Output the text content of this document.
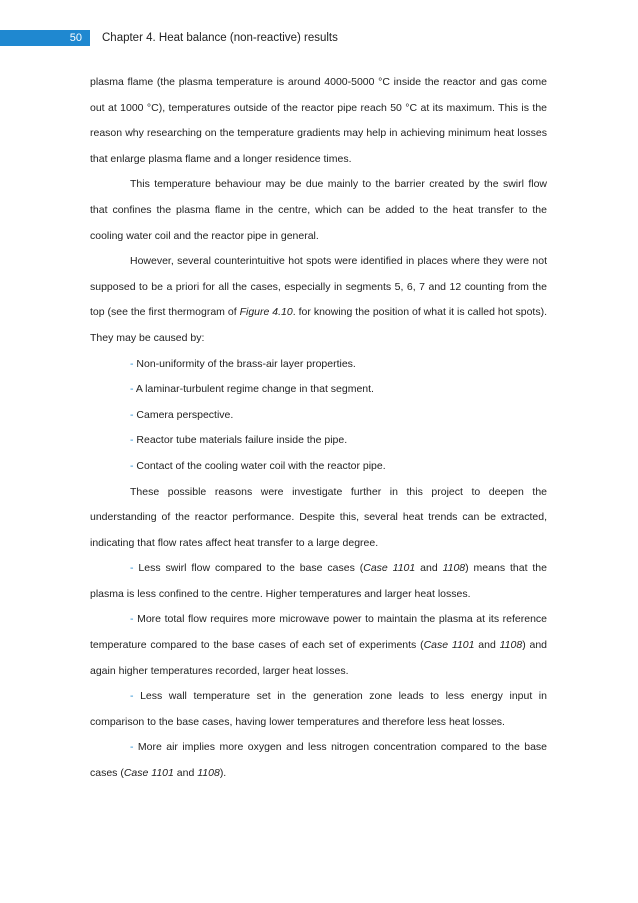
50	Chapter 4. Heat balance (non-reactive) results

plasma flame (the plasma temperature is around 4000-5000 °C inside the reactor and gas come out at 1000 °C), temperatures outside of the reactor pipe reach 50 °C at its maximum. This is the reason why researching on the temperature gradients may help in achieving minimum heat losses that enlarge plasma flame and a longer residence times.

This temperature behaviour may be due mainly to the barrier created by the swirl flow that confines the plasma flame in the centre, which can be added to the heat transfer to the cooling water coil and the reactor pipe in general.

However, several counterintuitive hot spots were identified in places where they were not supposed to be a priori for all the cases, especially in segments 5, 6, 7 and 12 counting from the top (see the first thermogram of Figure 4.10. for knowing the position of what it is called hot spots). They may be caused by:

- Non-uniformity of the brass-air layer properties.

- A laminar-turbulent regime change in that segment.

- Camera perspective.

- Reactor tube materials failure inside the pipe.

- Contact of the cooling water coil with the reactor pipe.

These possible reasons were investigate further in this project to deepen the understanding of the reactor performance. Despite this, several heat trends can be extracted, indicating that flow rates affect heat transfer to a large degree.

- Less swirl flow compared to the base cases (Case 1101 and 1108) means that the plasma is less confined to the centre. Higher temperatures and larger heat losses.

- More total flow requires more microwave power to maintain the plasma at its reference temperature compared to the base cases of each set of experiments (Case 1101 and 1108) and again higher temperatures recorded, larger heat losses.

- Less wall temperature set in the generation zone leads to less energy input in comparison to the base cases, having lower temperatures and therefore less heat losses.

- More air implies more oxygen and less nitrogen concentration compared to the base cases (Case 1101 and 1108).
